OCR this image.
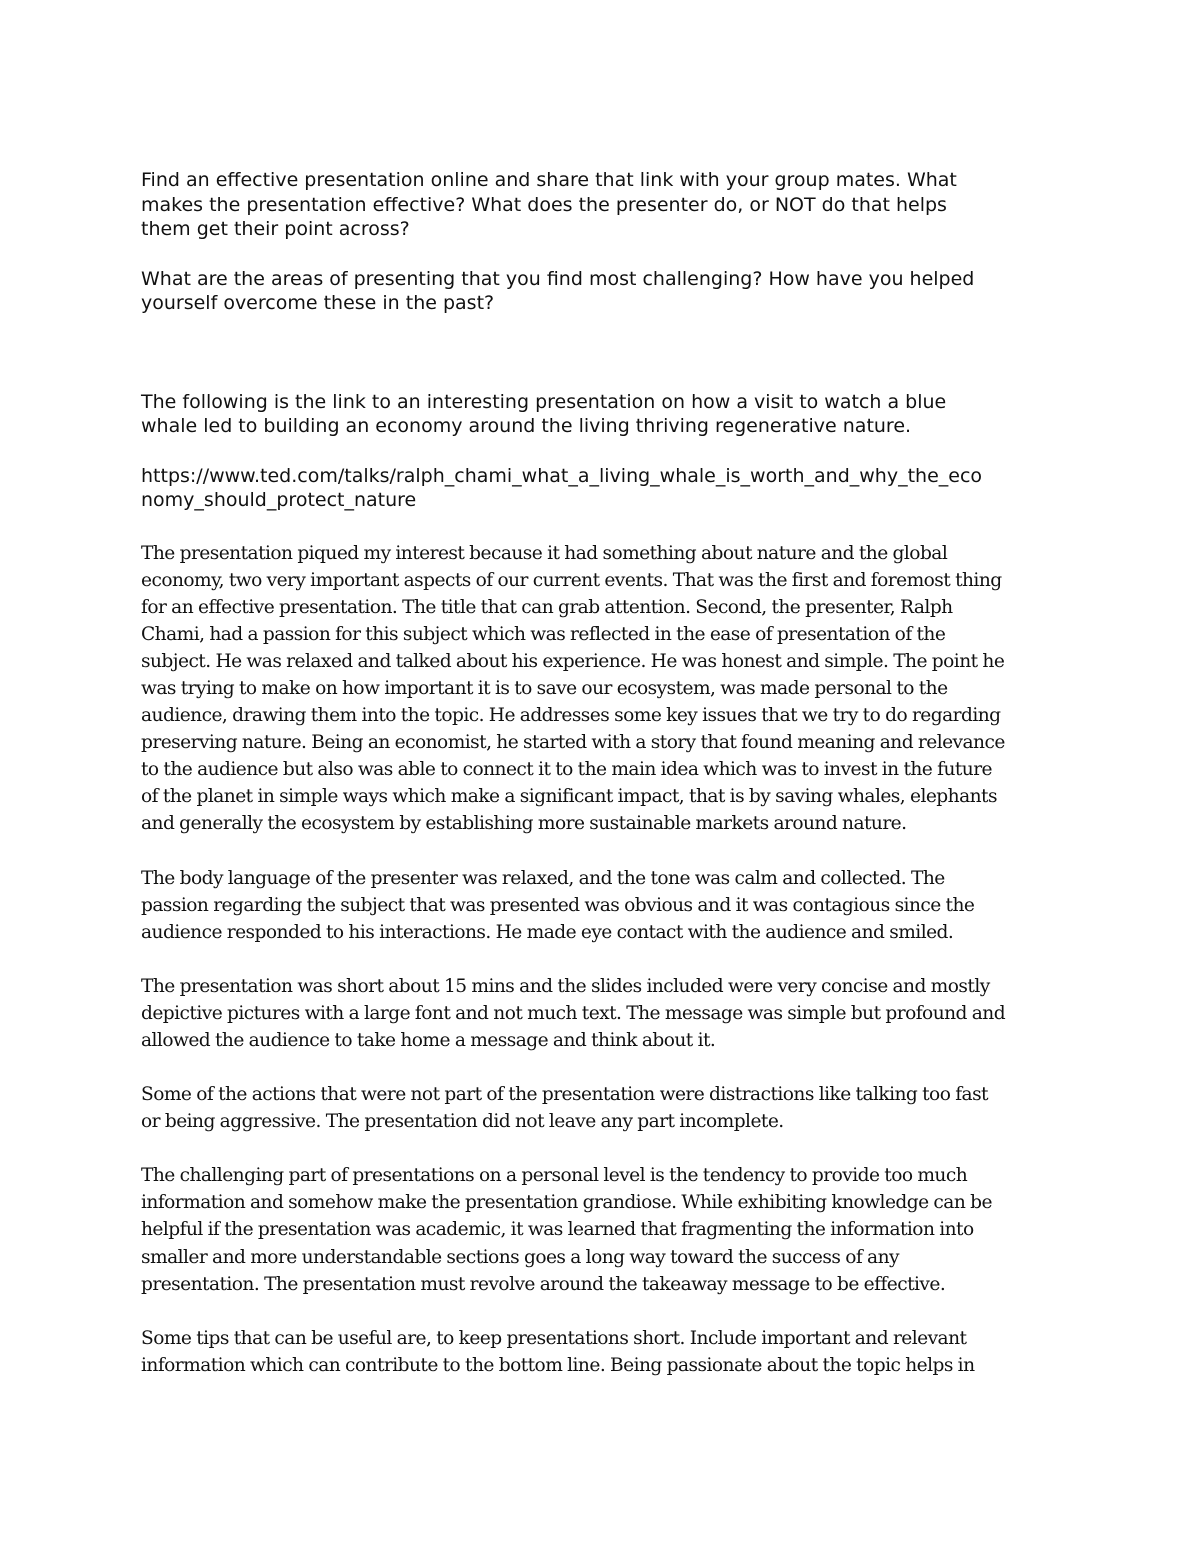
Find an effective presentation online and share that link with your group mates. What
makes the presentation effective? What does the presenter do, or NOT do that helps
them get their point across?

What are the areas of presenting that you find most challenging? How have you helped
yourself overcome these in the past?

The following is the link to an interesting presentation on how a visit to watch a blue
whale led to building an economy around the living thriving regenerative nature.

https://www.ted.com/talks/ralph_chami_what_a_living_whale_is_worth_and_why_the_eco
nomy_should_protect_nature

The presentation piqued my interest because it had something about nature and the global
economy, two very important aspects of our current events. That was the first and foremost thing
for an effective presentation. The title that can grab attention. Second, the presenter, Ralph
Chami, had a passion for this subject which was reflected in the ease of presentation of the
subject. He was relaxed and talked about his experience. He was honest and simple. The point he
was trying to make on how important it is to save our ecosystem, was made personal to the
audience, drawing them into the topic. He addresses some key issues that we try to do regarding
preserving nature. Being an economist, he started with a story that found meaning and relevance
to the audience but also was able to connect it to the main idea which was to invest in the future
of the planet in simple ways which make a significant impact, that is by saving whales, elephants
and generally the ecosystem by establishing more sustainable markets around nature.

The body language of the presenter was relaxed, and the tone was calm and collected. The
passion regarding the subject that was presented was obvious and it was contagious since the
audience responded to his interactions. He made eye contact with the audience and smiled.

The presentation was short about 15 mins and the slides included were very concise and mostly
depictive pictures with a large font and not much text. The message was simple but profound and
allowed the audience to take home a message and think about it.

Some of the actions that were not part of the presentation were distractions like talking too fast
or being aggressive. The presentation did not leave any part incomplete.

The challenging part of presentations on a personal level is the tendency to provide too much
information and somehow make the presentation grandiose. While exhibiting knowledge can be
helpful if the presentation was academic, it was learned that fragmenting the information into
smaller and more understandable sections goes a long way toward the success of any
presentation. The presentation must revolve around the takeaway message to be effective.

Some tips that can be useful are, to keep presentations short. Include important and relevant
information which can contribute to the bottom line. Being passionate about the topic helps in
